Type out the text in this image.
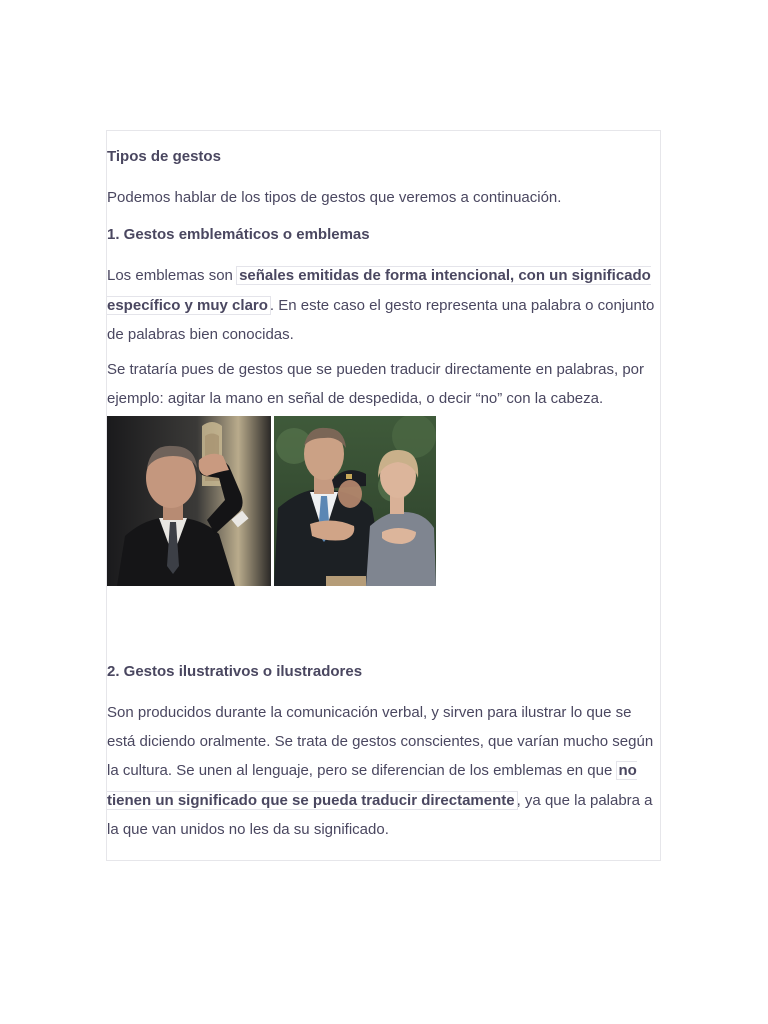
Tipos de gestos

Podemos hablar de los tipos de gestos que veremos a continuación.

1. Gestos emblemáticos o emblemas

Los emblemas son señales emitidas de forma intencional, con un significado específico y muy claro . En este caso el gesto representa una palabra o conjunto de palabras bien conocidas.

Se trataría pues de gestos que se pueden traducir directamente en palabras, por ejemplo: agitar la mano en señal de despedida, o decir “no” con la cabeza.

2. Gestos ilustrativos o ilustradores

Son producidos durante la comunicación verbal, y sirven para ilustrar lo que se está diciendo oralmente. Se trata de gestos conscientes, que varían mucho según la cultura. Se unen al lenguaje, pero se diferencian de los emblemas en que no tienen un significado que se pueda traducir directamente , ya que la palabra a la que van unidos no les da su significado.
